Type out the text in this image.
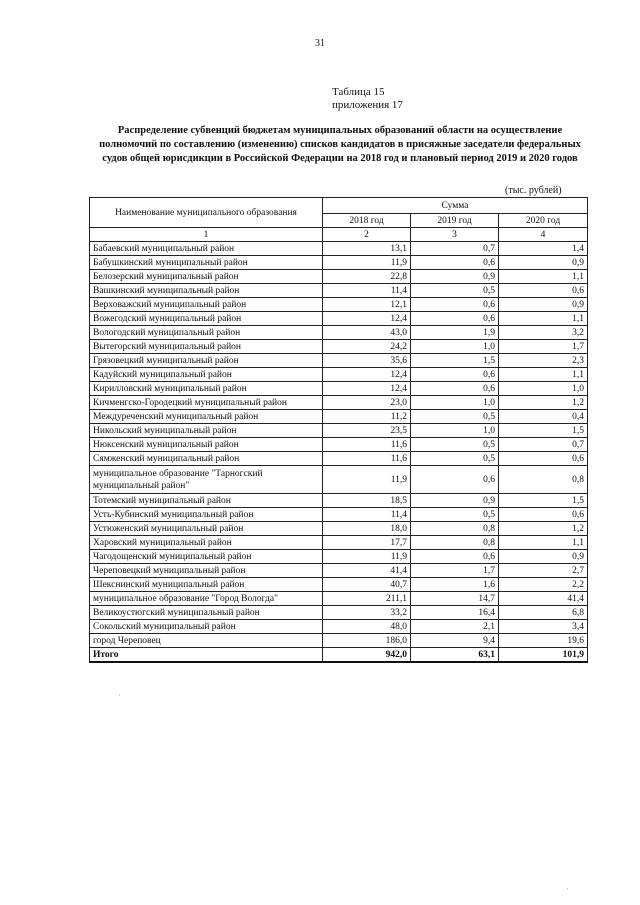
31
Таблица 15
приложения 17
Распределение субвенций бюджетам муниципальных образований области на осуществление полномочий по составлению (изменению) списков кандидатов в присяжные заседатели федеральных судов общей юрисдикции в Российской Федерации на 2018 год и плановый период 2019 и 2020 годов
(тыс. рублей)
Наименование муниципального образования	Сумма		
	2018 год	2019 год	2020 год
1	2	3	4
Бабаевский муниципальный район	13,1	0,7	1,4
Бабушкинский муниципальный район	11,9	0,6	0,9
Белозерский муниципальный район	22,8	0,9	1,1
Вашкинский муниципальный район	11,4	0,5	0,6
Верховажский муниципальный район	12,1	0,6	0,9
Вожегодский муниципальный район	12,4	0,6	1,1
Вологодский муниципальный район	43,0	1,9	3,2
Вытегорский муниципальный район	24,2	1,0	1,7
Грязовецкий муниципальный район	35,6	1,5	2,3
Кадуйский муниципальный район	12,4	0,6	1,1
Кирилловский муниципальный район	12,4	0,6	1,0
Кичменгско-Городецкий муниципальный район	23,0	1,0	1,2
Междуреченский муниципальный район	11,2	0,5	0,4
Никольский муниципальный район	23,5	1,0	1,5
Нюксенский муниципальный район	11,6	0,5	0,7
Сямженский муниципальный район	11,6	0,5	0,6
муниципальное образование "Тарногский муниципальный район"	11,9	0,6	0,8
Тотемский муниципальный район	18,5	0,9	1,5
Усть-Кубинский муниципальный район	11,4	0,5	0,6
Устюженский муниципальный район	18,0	0,8	1,2
Харовский муниципальный район	17,7	0,8	1,1
Чагодощенский муниципальный район	11,9	0,6	0,9
Череповецкий муниципальный район	41,4	1,7	2,7
Шекснинский муниципальный район	40,7	1,6	2,2
муниципальное образование "Город Вологда"	211,1	14,7	41,4
Великоустюгский муниципальный район	33,2	16,4	6,8
Сокольский муниципальный район	48,0	2,1	3,4
город Череповец	186,0	9,4	19,6
Итого	942,0	63,1	101,9
·
·
